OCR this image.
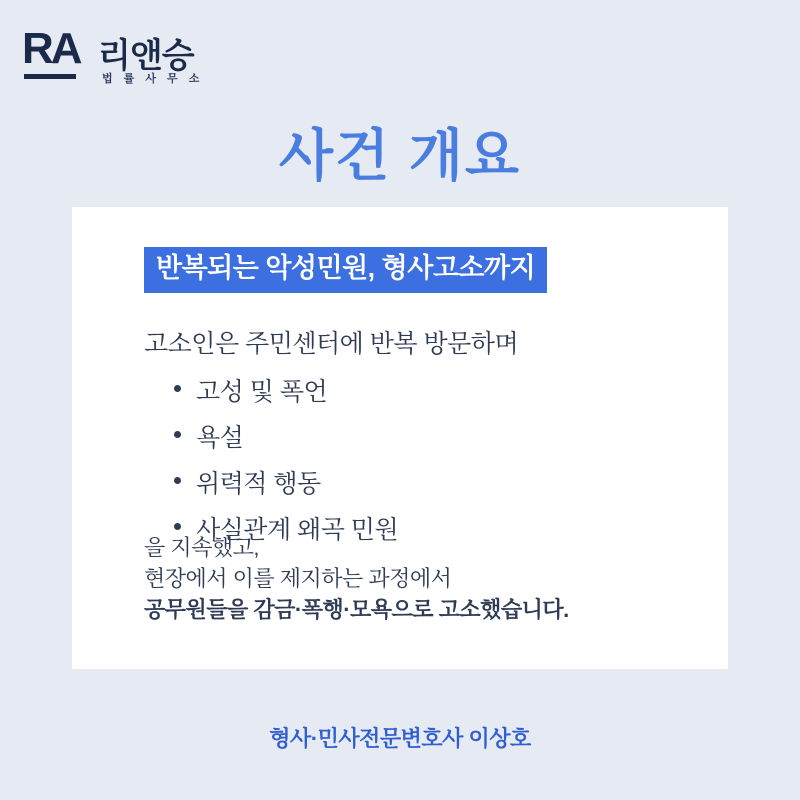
RA 리앤승
법 률 사 무 소
사건 개요
반복되는 악성민원, 형사고소까지
고소인은 주민센터에 반복 방문하며
고성 및 폭언
욕설
위력적 행동
사실관계 왜곡 민원
을 지속했고,
현장에서 이를 제지하는 과정에서
공무원들을 감금·폭행·모욕으로 고소했습니다.
형사·민사전문변호사 이상호
